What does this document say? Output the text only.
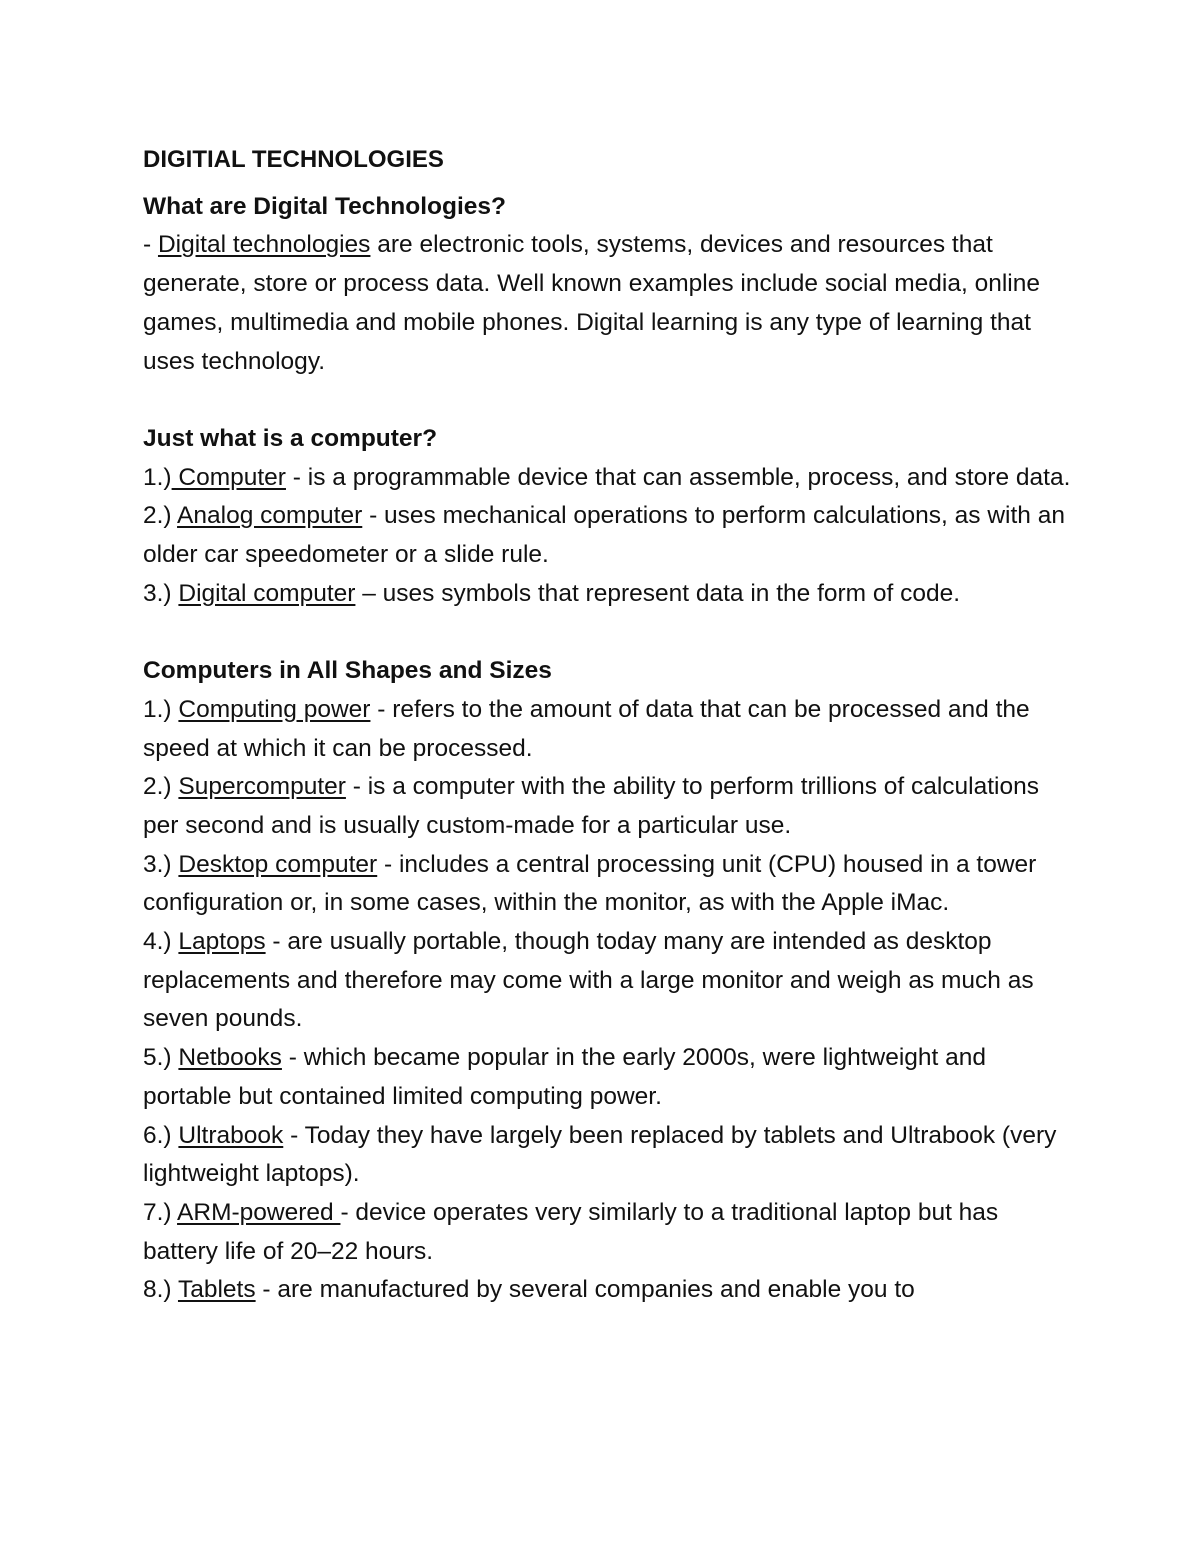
DIGITIAL TECHNOLOGIES

What are Digital Technologies?

- Digital technologies are electronic tools, systems, devices and resources that generate, store or process data. Well known examples include social media, online games, multimedia and mobile phones. Digital learning is any type of learning that uses technology.

Just what is a computer?

1.) Computer - is a programmable device that can assemble, process, and store data.

2.) Analog computer - uses mechanical operations to perform calculations, as with an older car speedometer or a slide rule.

3.) Digital computer – uses symbols that represent data in the form of code.

Computers in All Shapes and Sizes

1.) Computing power - refers to the amount of data that can be processed and the speed at which it can be processed.

2.) Supercomputer - is a computer with the ability to perform trillions of calculations per second and is usually custom-made for a particular use.

3.) Desktop computer - includes a central processing unit (CPU) housed in a tower configuration or, in some cases, within the monitor, as with the Apple iMac.

4.) Laptops - are usually portable, though today many are intended as desktop replacements and therefore may come with a large monitor and weigh as much as seven pounds.

5.) Netbooks - which became popular in the early 2000s, were lightweight and portable but contained limited computing power.

6.) Ultrabook - Today they have largely been replaced by tablets and Ultrabook (very lightweight laptops).

7.) ARM-powered - device operates very similarly to a traditional laptop but has battery life of 20–22 hours.

8.) Tablets - are manufactured by several companies and enable you to
